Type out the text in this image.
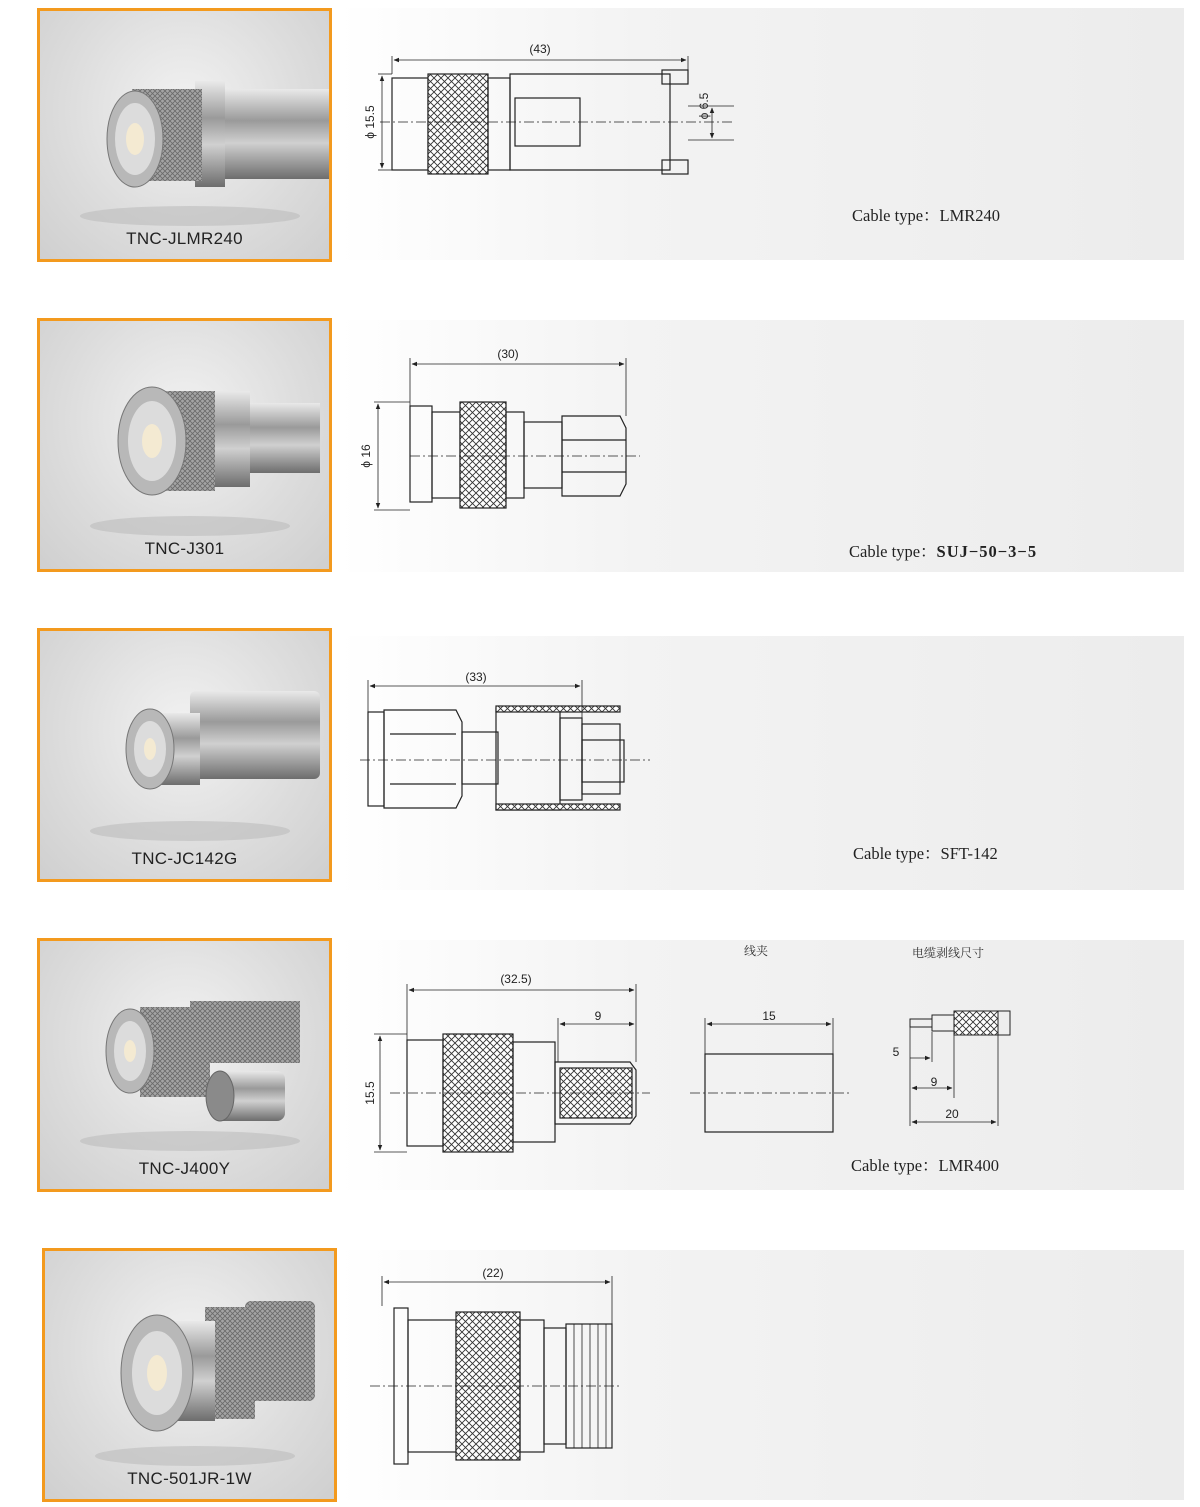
TNC-JLMR240
(43)
ϕ 15.5	ϕ 6.5
Cable type：LMR240
TNC-J301
(30)
ϕ 16
Cable type：SUJ−50−3−5
TNC-JC142G
(33)
Cable type：SFT-142
TNC-J400Y
(32.5)
9
15.5
线夹
15
电缆剥线尺寸
5
9
20
Cable type：LMR400
TNC-501JR-1W
(22)
